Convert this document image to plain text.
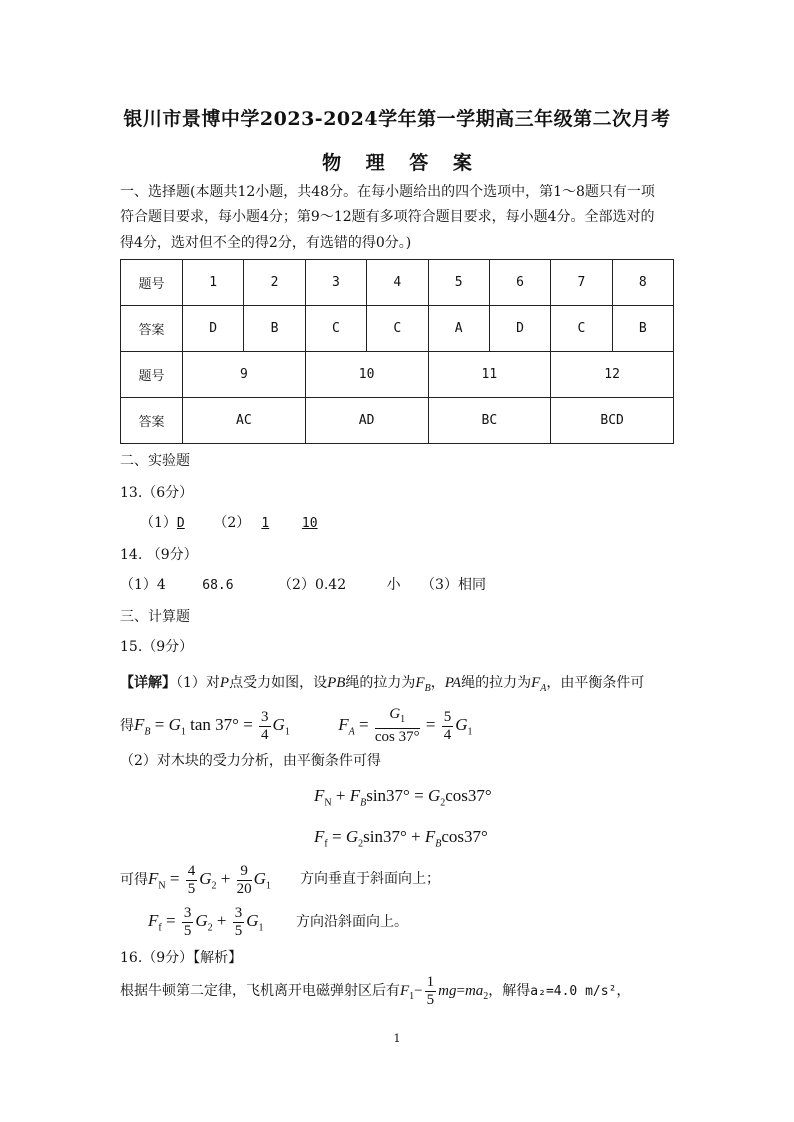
银川市景博中学2023-2024学年第一学期高三年级第二次月考
物 理 答 案
一、选择题(本题共12小题，共48分。在每小题给出的四个选项中，第1～8题只有一项
符合题目要求，每小题4分；第9～12题有多项符合题目要求，每小题4分。全部选对的
得4分，选对但不全的得2分，有选错的得0分。)
题号	1	2	3	4	5	6	7	8
答案	D	B	C	C	A	D	C	B
题号	9		10		11		12	
答案	AC		AD		BC		BCD	
二、实验题
13.（6分）
（1）D （2） 1	10
14. （9分）
（1）4	68.6	（2）0.42	小 （3）相同
三、计算题
15.（9分）
【详解】（1）对P点受力如图，设PB绳的拉力为$F_B$，PA绳的拉力为$F_A$，由平衡条件可
得$F_B = G_1$ $\tan 37^\circ = \frac{3}{4} G_1$	$F_A = \frac{G_1}{\cos 37^\circ} = \frac{5}{4} G_1$
（2）对木块的受力分析，由平衡条件可得
$F_N + F_B\sin 37^\circ = G_2\cos 37^\circ$
$F_f = G_2\sin 37^\circ + F_B\cos 37^\circ$
可得$F_N = \frac{4}{5} G_2 + \frac{9}{20} G_1$ 方向垂直于斜面向上；
$F_f = \frac{3}{5} G_2 + \frac{3}{5} G_1$ 方向沿斜面向上。
16.（9分）【解析】
根据牛顿第二定律，飞机离开电磁弹射区后有$F_1- \frac{1}{5} mg=ma_2$，解得a₂=4.0 m/s²，
1
